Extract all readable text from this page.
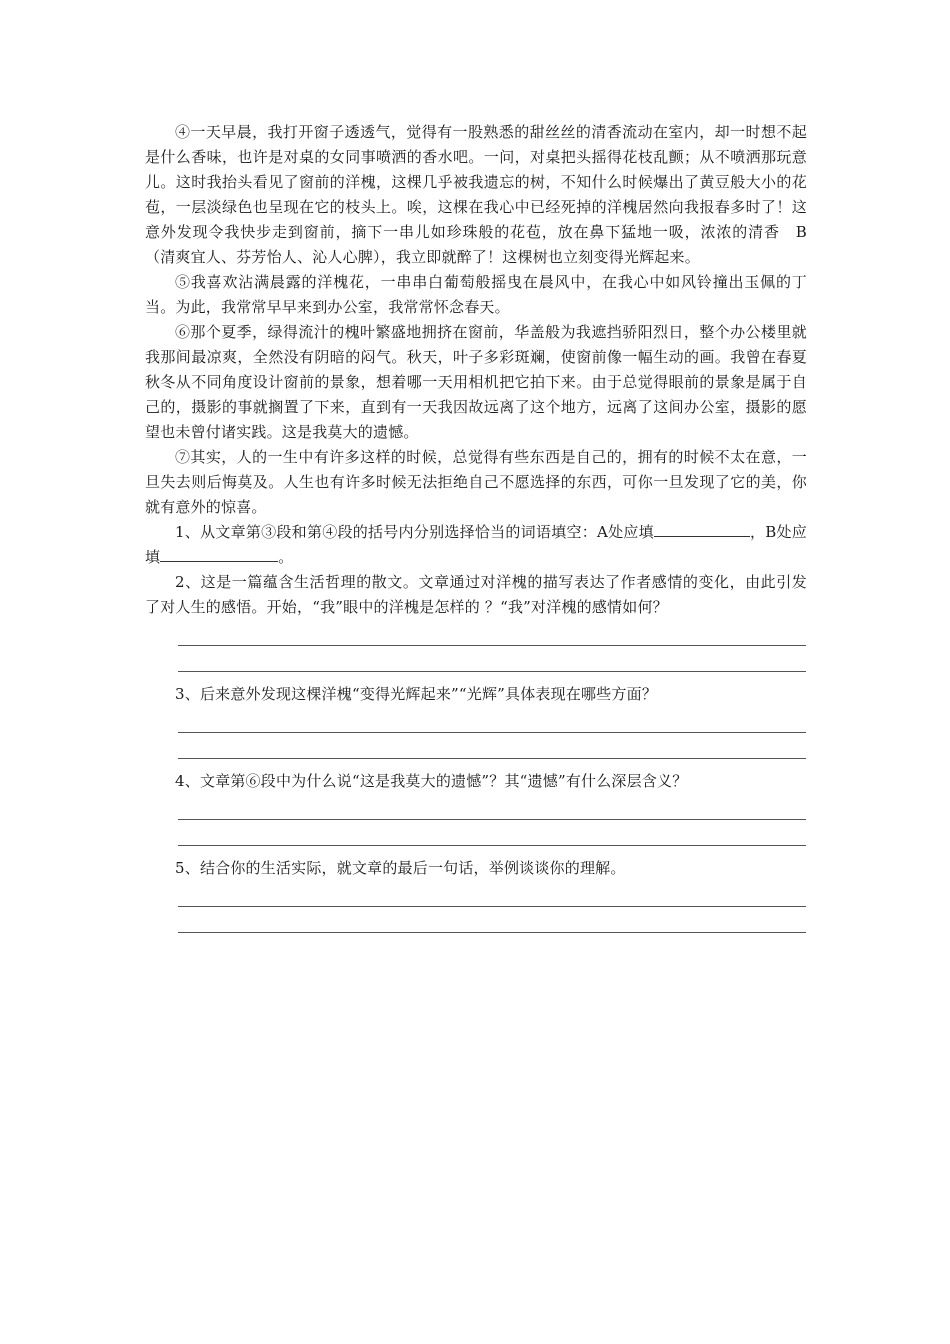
④一天早晨，我打开窗子透透气，觉得有一股熟悉的甜丝丝的清香流动在室内，却一时想不起是什么香味，也许是对桌的女同事喷洒的香水吧。一问，对桌把头摇得花枝乱颤；从不喷洒那玩意儿。这时我抬头看见了窗前的洋槐，这棵几乎被我遗忘的树，不知什么时候爆出了黄豆般大小的花苞，一层淡绿色也呈现在它的枝头上。唉，这棵在我心中已经死掉的洋槐居然向我报春多时了！这意外发现令我快步走到窗前，摘下一串儿如珍珠般的花苞，放在鼻下猛地一吸，浓浓的清香　B　（清爽宜人、芬芳怡人、沁人心脾），我立即就醉了！这棵树也立刻变得光辉起来。

⑤我喜欢沾满晨露的洋槐花，一串串白葡萄般摇曳在晨风中，在我心中如风铃撞出玉佩的丁当。为此，我常常早早来到办公室，我常常怀念春天。

⑥那个夏季，绿得流汁的槐叶繁盛地拥挤在窗前，华盖般为我遮挡骄阳烈日，整个办公楼里就我那间最凉爽，全然没有阴暗的闷气。秋天，叶子多彩斑斓，使窗前像一幅生动的画。我曾在春夏秋冬从不同角度设计窗前的景象，想着哪一天用相机把它拍下来。由于总觉得眼前的景象是属于自己的，摄影的事就搁置了下来，直到有一天我因故远离了这个地方，远离了这间办公室，摄影的愿望也未曾付诸实践。这是我莫大的遗憾。

⑦其实，人的一生中有许多这样的时候，总觉得有些东西是自己的，拥有的时候不太在意，一旦失去则后悔莫及。人生也有许多时候无法拒绝自己不愿选择的东西，可你一旦发现了它的美，你就有意外的惊喜。

1、从文章第③段和第④段的括号内分别选择恰当的词语填空：A处应填	，B处应填	。

2、这是一篇蕴含生活哲理的散文。文章通过对洋槐的描写表达了作者感情的变化，由此引发了对人生的感悟。开始，“我”眼中的洋槐是怎样的 ？“我”对洋槐的感情如何？

3、后来意外发现这棵洋槐“变得光辉起来”“光辉”具体表现在哪些方面？

4、文章第⑥段中为什么说“这是我莫大的遗憾”？其“遗憾”有什么深层含义？

5、结合你的生活实际，就文章的最后一句话，举例谈谈你的理解。
